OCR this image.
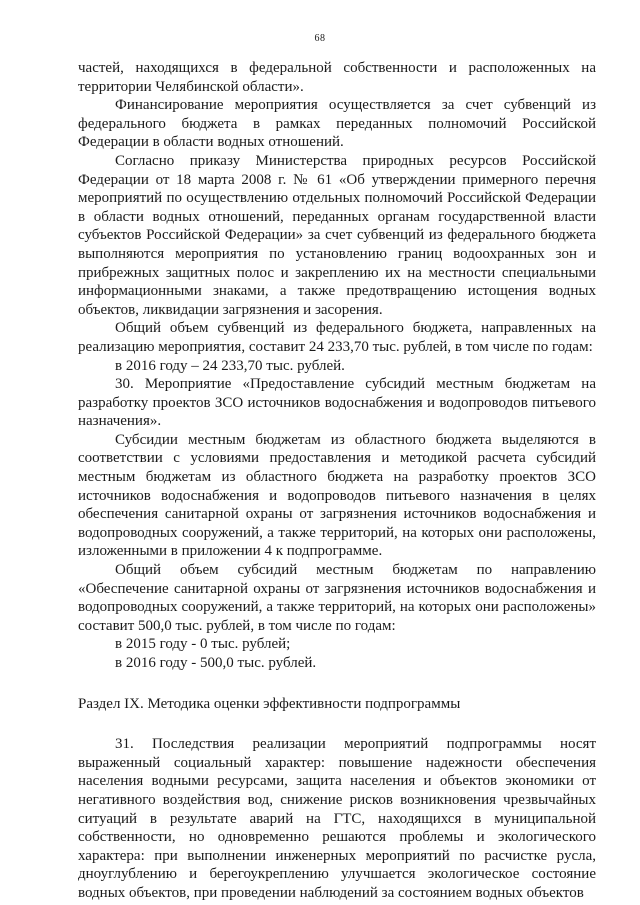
68

частей, находящихся в федеральной собственности и расположенных на территории Челябинской области».

Финансирование мероприятия осуществляется за счет субвенций из федерального бюджета в рамках переданных полномочий Российской Федерации в области водных отношений.

Согласно приказу Министерства природных ресурсов Российской Федерации от 18 марта 2008 г. № 61 «Об утверждении примерного перечня мероприятий по осуществлению отдельных полномочий Российской Федерации в области водных отношений, переданных органам государственной власти субъектов Российской Федерации» за счет субвенций из федерального бюджета выполняются мероприятия по установлению границ водоохранных зон и прибрежных защитных полос и закреплению их на местности специальными информационными знаками, а также предотвращению истощения водных объектов, ликвидации загрязнения и засорения.

Общий объем субвенций из федерального бюджета, направленных на реализацию мероприятия, составит 24 233,70 тыс. рублей, в том числе по годам:

в 2016 году – 24 233,70 тыс. рублей.

30. Мероприятие «Предоставление субсидий местным бюджетам на разработку проектов ЗСО источников водоснабжения и водопроводов питьевого назначения».

Субсидии местным бюджетам из областного бюджета выделяются в соответствии с условиями предоставления и методикой расчета субсидий местным бюджетам из областного бюджета на разработку проектов ЗСО источников водоснабжения и водопроводов питьевого назначения в целях обеспечения санитарной охраны от загрязнения источников водоснабжения и водопроводных сооружений, а также территорий, на которых они расположены, изложенными в приложении 4 к подпрограмме.

Общий объем субсидий местным бюджетам по направлению «Обеспечение санитарной охраны от загрязнения источников водоснабжения и водопроводных сооружений, а также территорий, на которых они расположены» составит 500,0 тыс. рублей, в том числе по годам:

в 2015 году - 0 тыс. рублей;

в 2016 году - 500,0 тыс. рублей.

Раздел IX. Методика оценки эффективности подпрограммы

31. Последствия реализации мероприятий подпрограммы носят выраженный социальный характер: повышение надежности обеспечения населения водными ресурсами, защита населения и объектов экономики от негативного воздействия вод, снижение рисков возникновения чрезвычайных ситуаций в результате аварий на ГТС, находящихся в муниципальной собственности, но одновременно решаются проблемы и экологического характера: при выполнении инженерных мероприятий по расчистке русла, дноуглублению и берегоукреплению улучшается экологическое состояние водных объектов, при проведении наблюдений за состоянием водных объектов
